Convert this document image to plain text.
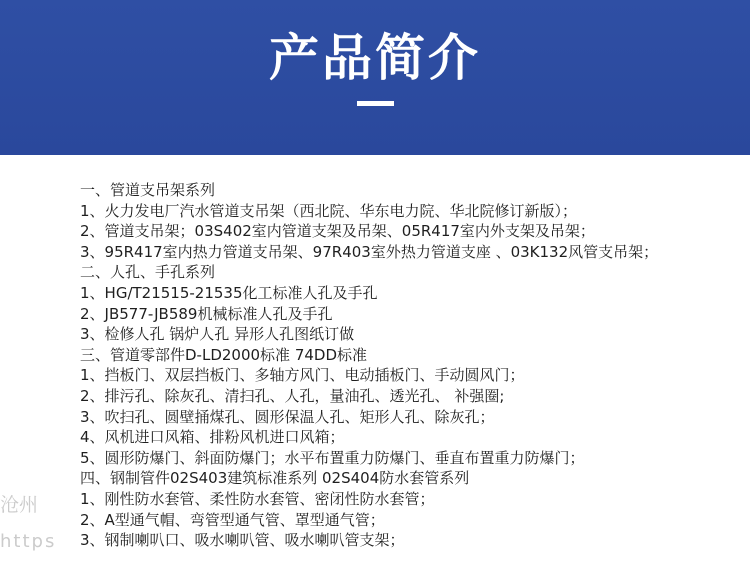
产品简介
一、管道支吊架系列
1、火力发电厂汽水管道支吊架（西北院、华东电力院、华北院修订新版）；
2、管道支吊架；03S402室内管道支架及吊架、05R417室内外支架及吊架；
3、95R417室内热力管道支吊架、97R403室外热力管道支座 、03K132风管支吊架；
二、人孔、手孔系列
1、HG/T21515-21535化工标准人孔及手孔
2、JB577-JB589机械标准人孔及手孔
3、检修人孔 锅炉人孔 异形人孔图纸订做
三、管道零部件D-LD2000标准 74DD标准
1、挡板门、双层挡板门、多轴方风门、电动插板门、手动圆风门；
2、排污孔、除灰孔、清扫孔、人孔，量油孔、透光孔、 补强圈;
3、吹扫孔、圆壁捅煤孔、圆形保温人孔、矩形人孔、除灰孔；
4、风机进口风箱、排粉风机进口风箱；
5、圆形防爆门、斜面防爆门；水平布置重力防爆门、垂直布置重力防爆门；
四、钢制管件02S403建筑标准系列 02S404防水套管系列
1、刚性防水套管、柔性防水套管、密闭性防水套管；
2、A型通气帽、弯管型通气管、罩型通气管；
3、钢制喇叭口、吸水喇叭管、吸水喇叭管支架；
沧州
https
